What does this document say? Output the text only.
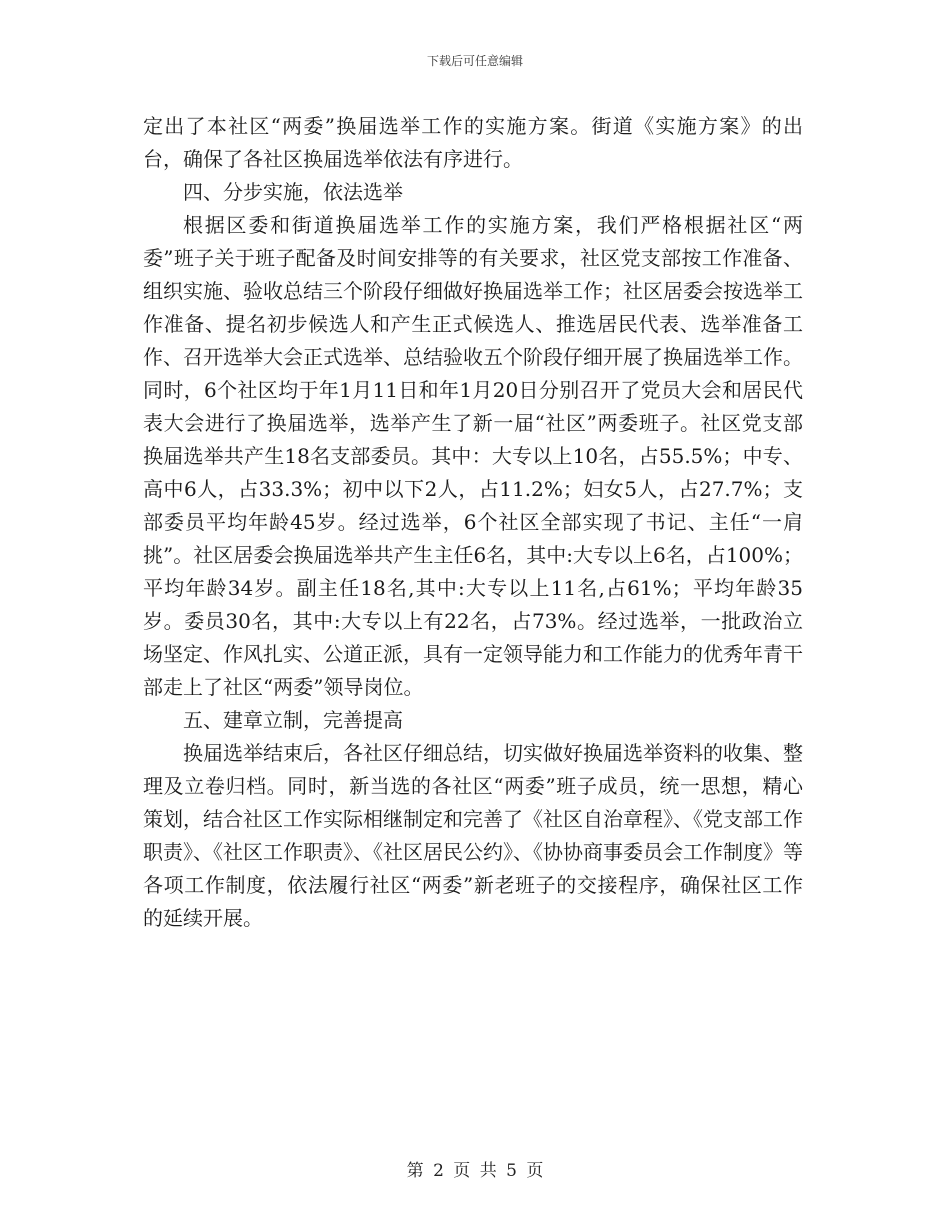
下载后可任意编辑

定出了本社区“两委”换届选举工作的实施方案。街道《实施方案》的出台，确保了各社区换届选举依法有序进行。

四、分步实施，依法选举

根据区委和街道换届选举工作的实施方案，我们严格根据社区“两委”班子关于班子配备及时间安排等的有关要求，社区党支部按工作准备、组织实施、验收总结三个阶段仔细做好换届选举工作；社区居委会按选举工作准备、提名初步候选人和产生正式候选人、推选居民代表、选举准备工作、召开选举大会正式选举、总结验收五个阶段仔细开展了换届选举工作。同时，6个社区均于年1月11日和年1月20日分别召开了党员大会和居民代表大会进行了换届选举，选举产生了新一届“社区”两委班子。社区党支部换届选举共产生18名支部委员。其中：大专以上10名，占55.5%；中专、高中6人，占33.3%；初中以下2人，占11.2%；妇女5人，占27.7%；支部委员平均年龄45岁。经过选举，6个社区全部实现了书记、主任“一肩挑”。社区居委会换届选举共产生主任6名，其中:大专以上6名，占100%；平均年龄34岁。副主任18名,其中:大专以上11名,占61%；平均年龄35岁。委员30名，其中:大专以上有22名，占73%。经过选举，一批政治立场坚定、作风扎实、公道正派，具有一定领导能力和工作能力的优秀年青干部走上了社区“两委”领导岗位。

五、建章立制，完善提高

换届选举结束后，各社区仔细总结，切实做好换届选举资料的收集、整理及立卷归档。同时，新当选的各社区“两委”班子成员，统一思想，精心策划，结合社区工作实际相继制定和完善了《社区自治章程》、《党支部工作职责》、《社区工作职责》、《社区居民公约》、《协协商事委员会工作制度》等各项工作制度，依法履行社区“两委”新老班子的交接程序，确保社区工作的延续开展。

第 2 页 共 5 页
